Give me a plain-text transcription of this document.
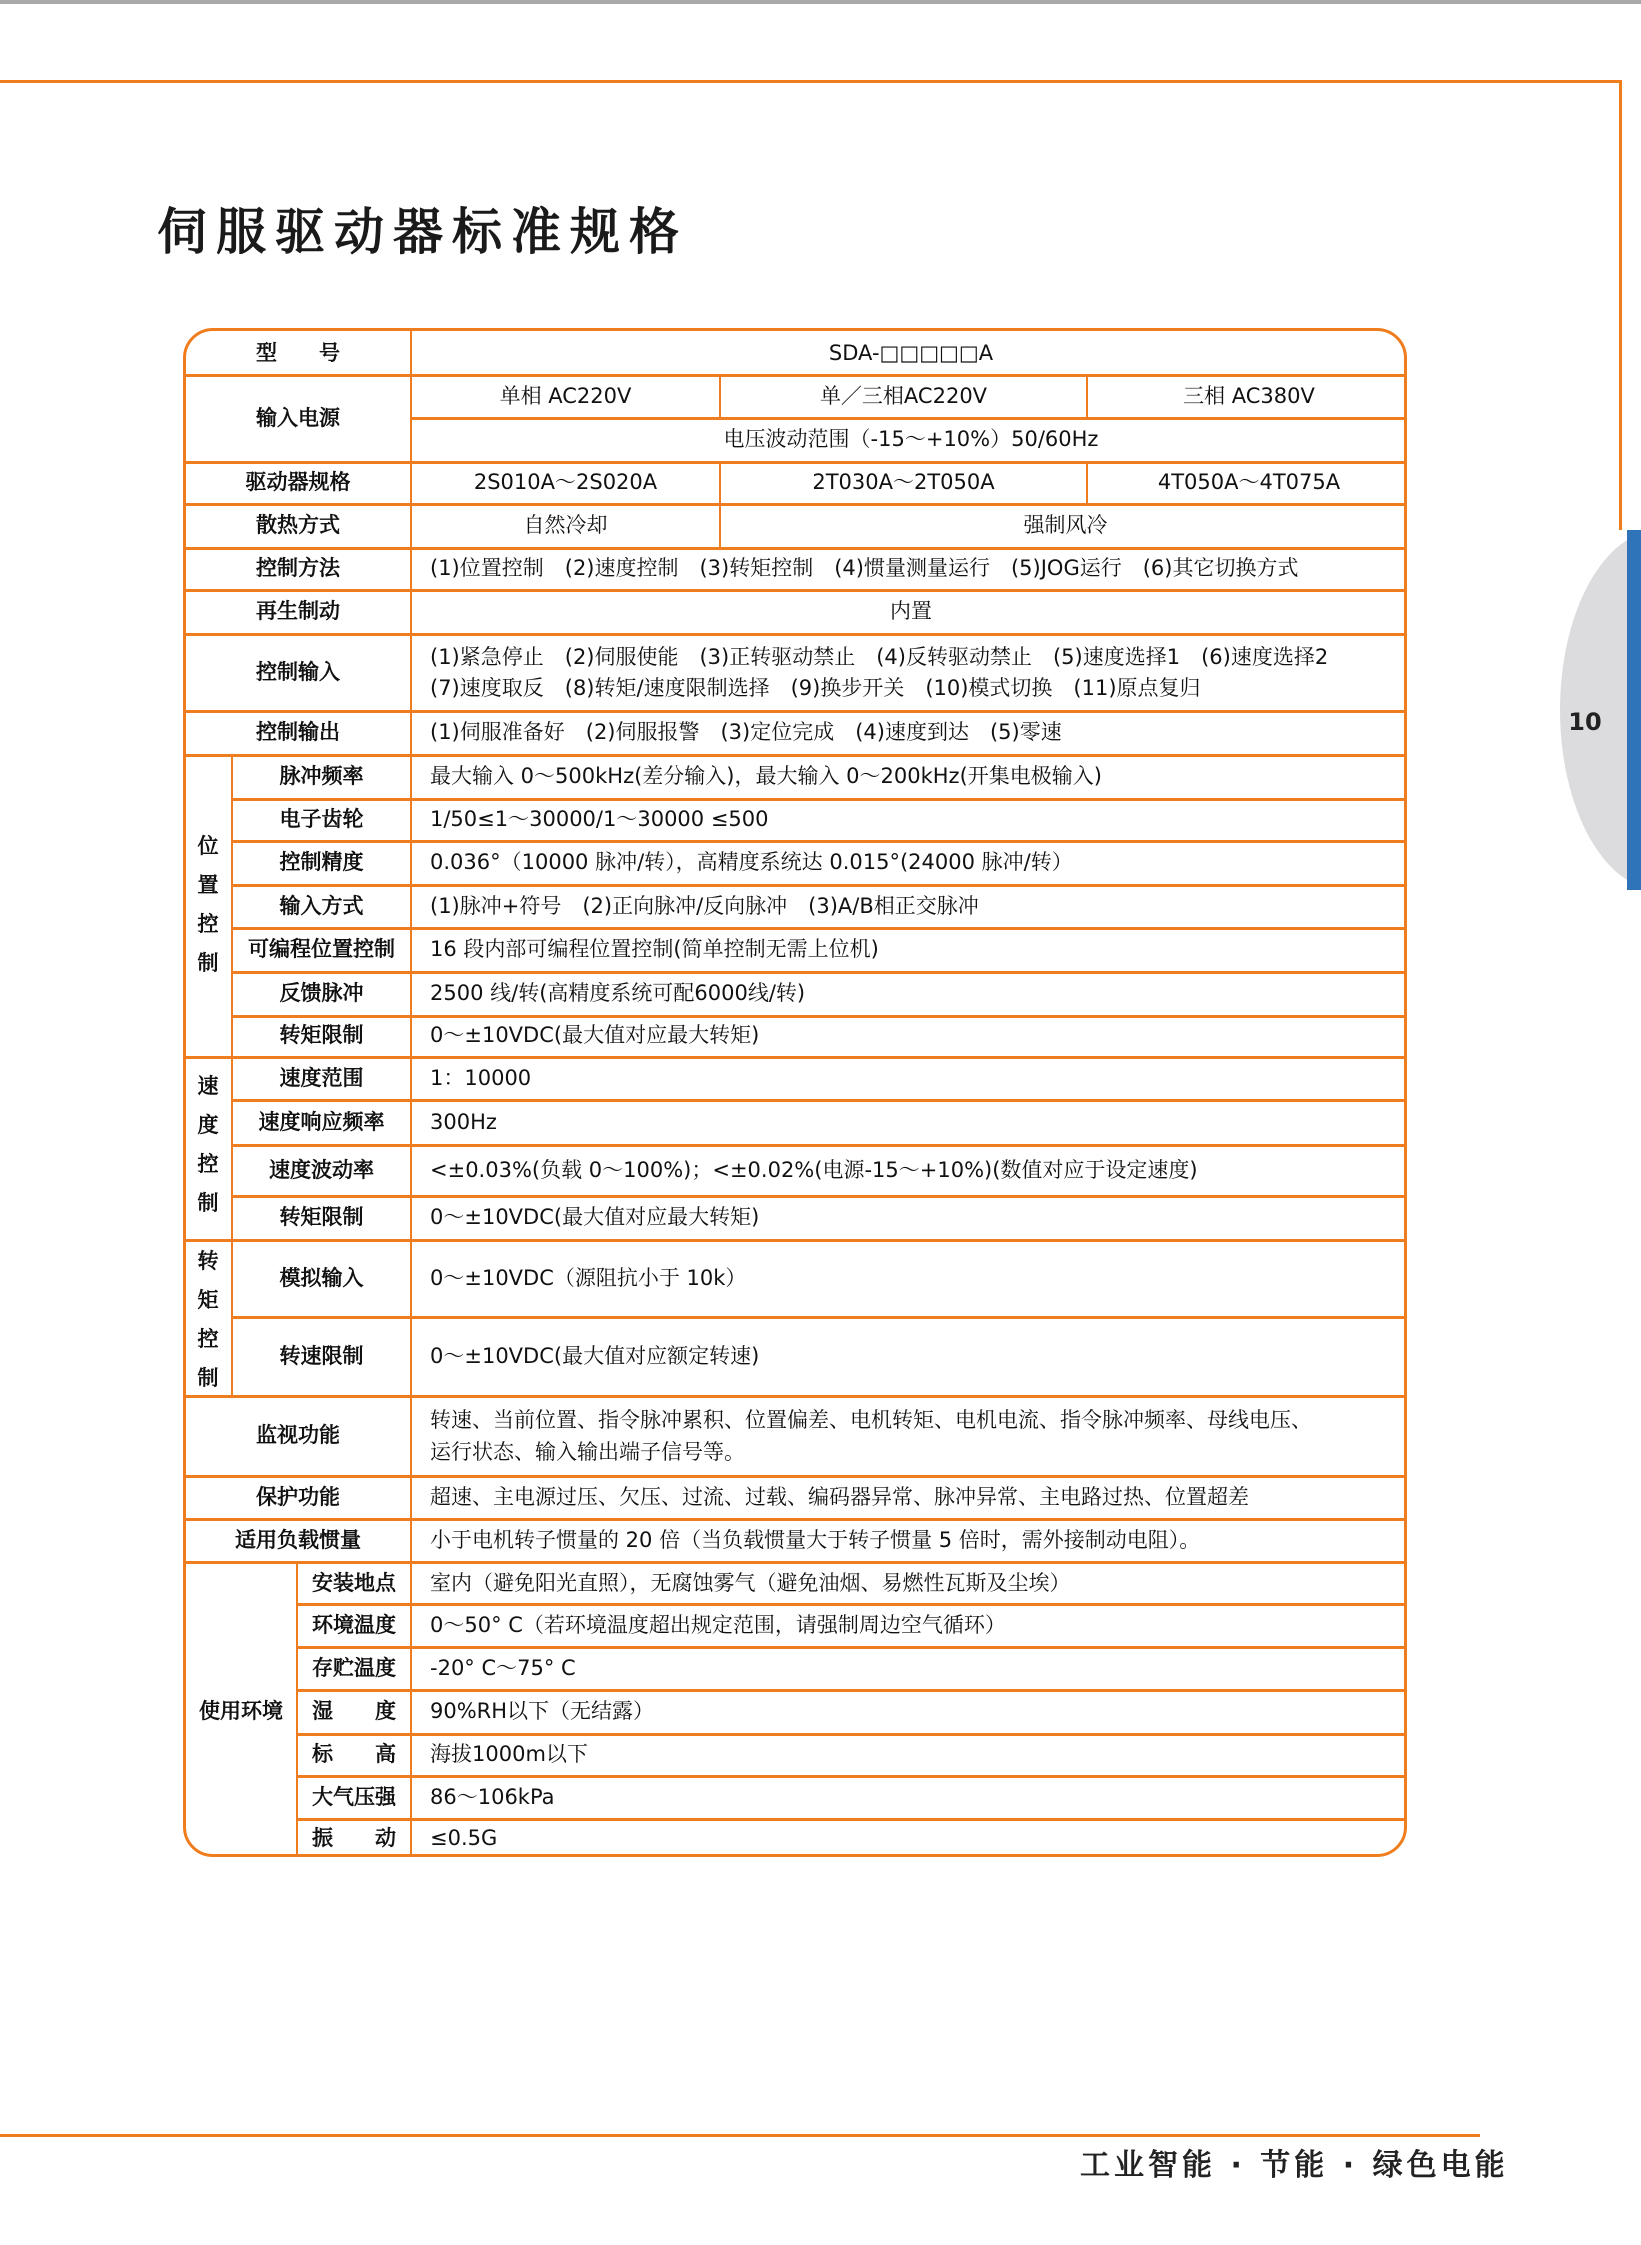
10
伺服驱动器标准规格
型　　号	SDA-□□□□□A
输入电源
单相 AC220V	单／三相AC220V	三相 AC380V
电压波动范围（-15～+10%）50/60Hz
驱动器规格	2S010A～2S020A	2T030A～2T050A	4T050A～4T075A
散热方式	自然冷却	强制风冷
控制方法	(1)位置控制　(2)速度控制　(3)转矩控制　(4)惯量测量运行　(5)JOG运行　(6)其它切换方式
再生制动	内置
控制输入
(1)紧急停止　(2)伺服使能　(3)正转驱动禁止　(4)反转驱动禁止　(5)速度选择1　(6)速度选择2
(7)速度取反　(8)转矩/速度限制选择　(9)换步开关　(10)模式切换　(11)原点复归
控制输出	(1)伺服准备好　(2)伺服报警　(3)定位完成　(4)速度到达　(5)零速
位
置
控
制
脉冲频率	最大输入 0～500kHz(差分输入)，最大输入 0～200kHz(开集电极输入)
电子齿轮	1/50≤1～30000/1～30000 ≤500
控制精度	0.036°（10000 脉冲/转），高精度系统达 0.015°(24000 脉冲/转）
输入方式	(1)脉冲+符号　(2)正向脉冲/反向脉冲　(3)A/B相正交脉冲
可编程位置控制	16 段内部可编程位置控制(简单控制无需上位机)
反馈脉冲	2500 线/转(高精度系统可配6000线/转)
转矩限制	0～±10VDC(最大值对应最大转矩)
速
度
控
制
速度范围	1：10000
速度响应频率	300Hz
速度波动率	<±0.03%(负载 0～100%)；<±0.02%(电源-15～+10%)(数值对应于设定速度)
转矩限制	0～±10VDC(最大值对应最大转矩)
转
矩
控
制
模拟输入	0～±10VDC（源阻抗小于 10k）
转速限制	0～±10VDC(最大值对应额定转速)
监视功能
转速、当前位置、指令脉冲累积、位置偏差、电机转矩、电机电流、指令脉冲频率、母线电压、
运行状态、输入输出端子信号等。
保护功能	超速、主电源过压、欠压、过流、过载、编码器异常、脉冲异常、主电路过热、位置超差
适用负载惯量	小于电机转子惯量的 20 倍（当负载惯量大于转子惯量 5 倍时，需外接制动电阻）。
使用环境
安装地点	室内（避免阳光直照），无腐蚀雾气（避免油烟、易燃性瓦斯及尘埃）
环境温度	0～50° C（若环境温度超出规定范围，请强制周边空气循环）
存贮温度	-20° C～75° C
湿　　度	90%RH以下（无结露）
标　　高	海拔1000m以下
大气压强	86～106kPa
振　　动	≤0.5G
工业智能 · 节能 · 绿色电能
